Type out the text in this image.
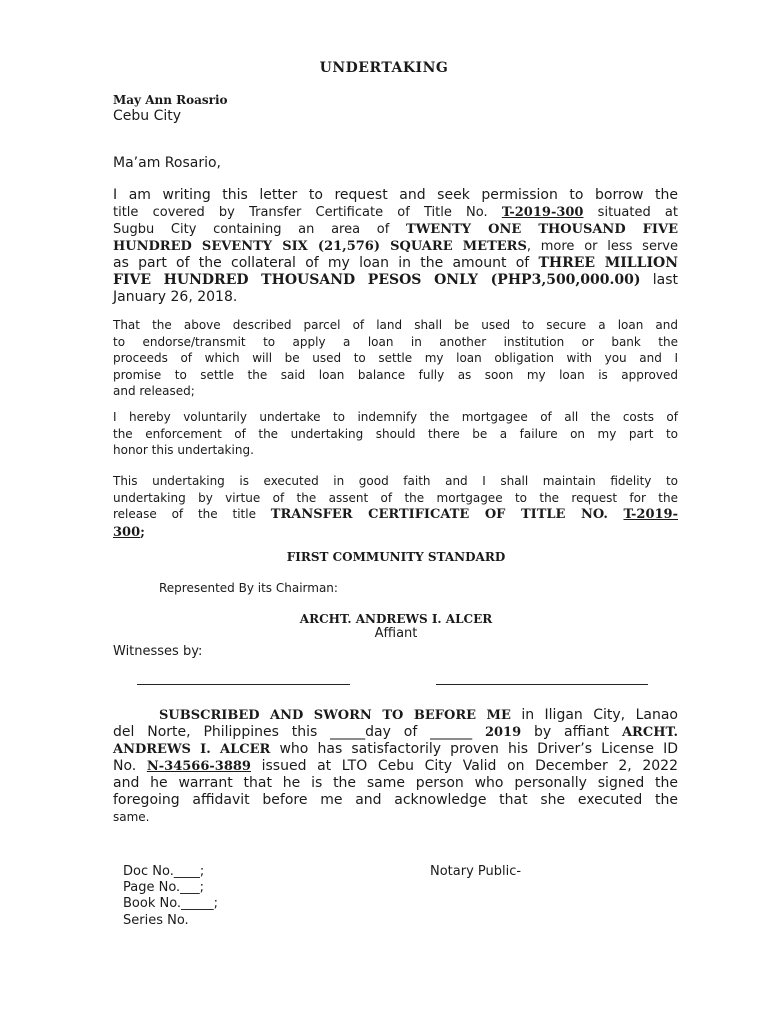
UNDERTAKING
May Ann Roasrio
Cebu City
Ma’am Rosario,
I am writing this letter to request and seek permission to borrow the
title covered by Transfer Certificate of Title No. T-2019-300 situated at
Sugbu City containing an area of TWENTY ONE THOUSAND FIVE
HUNDRED SEVENTY SIX (21,576) SQUARE METERS, more or less serve
as part of the collateral of my loan in the amount of THREE MILLION
FIVE HUNDRED THOUSAND PESOS ONLY (PHP3,500,000.00) last
January 26, 2018.
That the above described parcel of land shall be used to secure a loan and
to endorse/transmit to apply a loan in another institution or bank the
proceeds of which will be used to settle my loan obligation with you and I
promise to settle the said loan balance fully as soon my loan is approved
and released;
I hereby voluntarily undertake to indemnify the mortgagee of all the costs of
the enforcement of the undertaking should there be a failure on my part to
honor this undertaking.
This undertaking is executed in good faith and I shall maintain fidelity to
undertaking by virtue of the assent of the mortgagee to the request for the
release of the title TRANSFER CERTIFICATE OF TITLE NO. T-2019-
300;
FIRST COMMUNITY STANDARD
Represented By its Chairman:
ARCHT. ANDREWS I. ALCER
Affiant
Witnesses by:
SUBSCRIBED AND SWORN TO BEFORE ME in Iligan City, Lanao
del Norte, Philippines this _____day of ______ 2019 by affiant ARCHT.
ANDREWS I. ALCER who has satisfactorily proven his Driver’s License ID
No. N-34566-3889 issued at LTO Cebu City Valid on December 2, 2022
and he warrant that he is the same person who personally signed the
foregoing affidavit before me and acknowledge that she executed the
same.
Doc No.____;
Page No.___;
Book No._____;
Series No.
Notary Public-
